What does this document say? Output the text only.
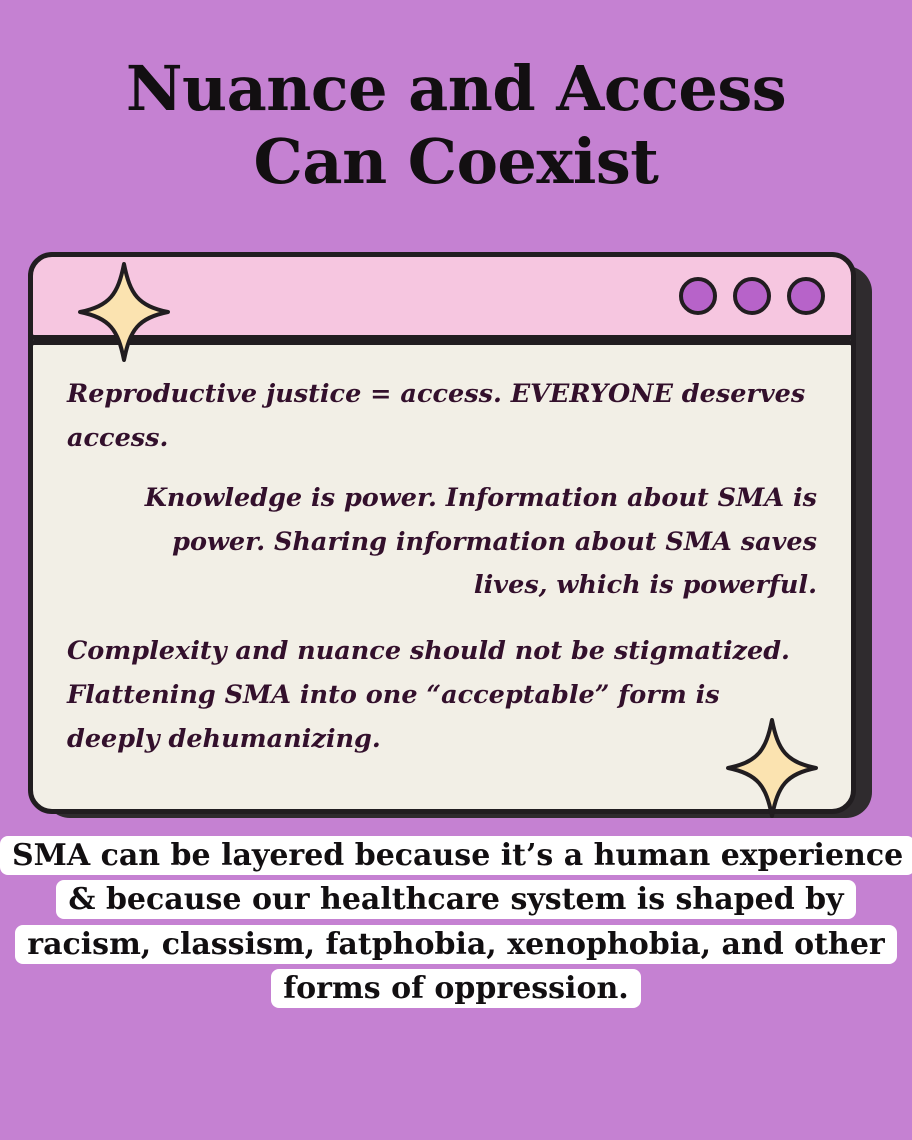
Nuance and Access
Can Coexist

Reproductive justice = access. EVERYONE deserves access.

Knowledge is power. Information about SMA is power. Sharing information about SMA saves lives, which is powerful.

Complexity and nuance should not be stigmatized. Flattening SMA into one “acceptable” form is deeply dehumanizing.

SMA can be layered because it’s a human experience & because our healthcare system is shaped by racism, classism, fatphobia, xenophobia, and other forms of oppression.
